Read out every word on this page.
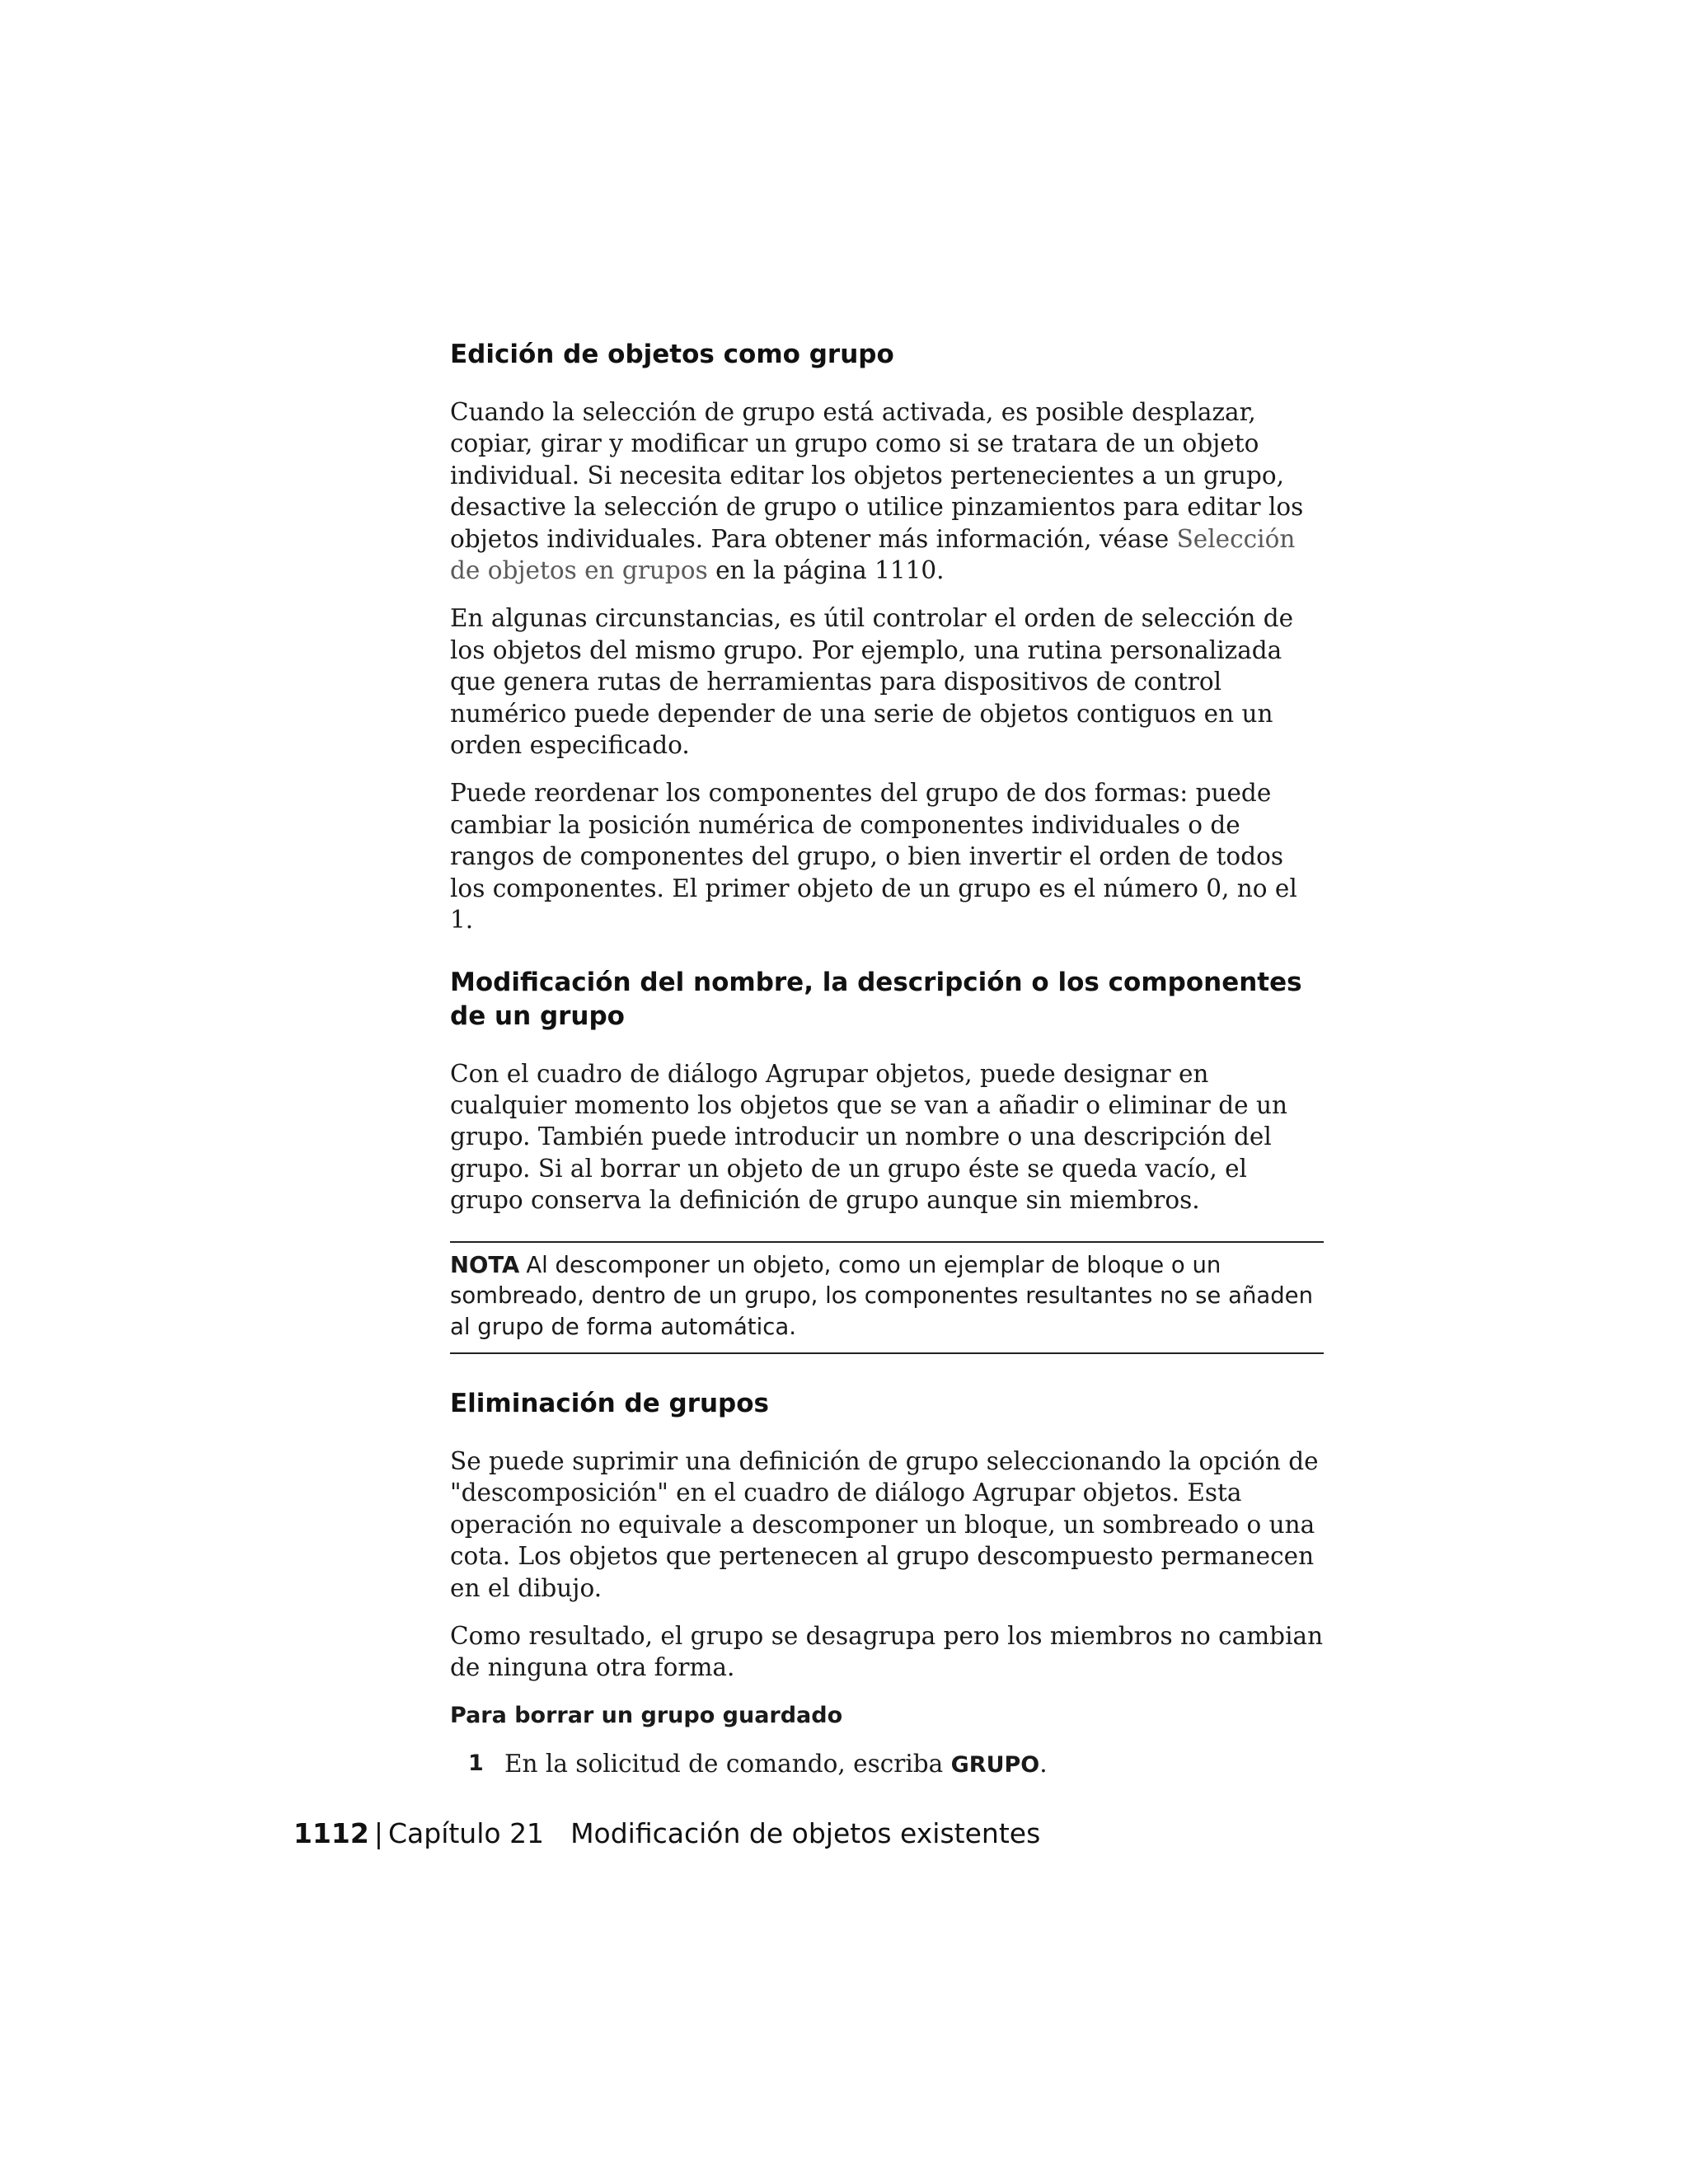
Edición de objetos como grupo

Cuando la selección de grupo está activada, es posible desplazar, copiar, girar y modificar un grupo como si se tratara de un objeto individual. Si necesita editar los objetos pertenecientes a un grupo, desactive la selección de grupo o utilice pinzamientos para editar los objetos individuales. Para obtener más información, véase Selección de objetos en grupos en la página 1110.

En algunas circunstancias, es útil controlar el orden de selección de los objetos del mismo grupo. Por ejemplo, una rutina personalizada que genera rutas de herramientas para dispositivos de control numérico puede depender de una serie de objetos contiguos en un orden especificado.

Puede reordenar los componentes del grupo de dos formas: puede cambiar la posición numérica de componentes individuales o de rangos de componentes del grupo, o bien invertir el orden de todos los componentes. El primer objeto de un grupo es el número 0, no el 1.

Modificación del nombre, la descripción o los componentes de un grupo

Con el cuadro de diálogo Agrupar objetos, puede designar en cualquier momento los objetos que se van a añadir o eliminar de un grupo. También puede introducir un nombre o una descripción del grupo. Si al borrar un objeto de un grupo éste se queda vacío, el grupo conserva la definición de grupo aunque sin miembros.

NOTA Al descomponer un objeto, como un ejemplar de bloque o un sombreado, dentro de un grupo, los componentes resultantes no se añaden al grupo de forma automática.
Eliminación de grupos

Se puede suprimir una definición de grupo seleccionando la opción de "descomposición" en el cuadro de diálogo Agrupar objetos. Esta operación no equivale a descomponer un bloque, un sombreado o una cota. Los objetos que pertenecen al grupo descompuesto permanecen en el dibujo.

Como resultado, el grupo se desagrupa pero los miembros no cambian de ninguna otra forma.

Para borrar un grupo guardado
1 En la solicitud de comando, escriba GRUPO.
1112 | Capítulo 21 Modificación de objetos existentes
